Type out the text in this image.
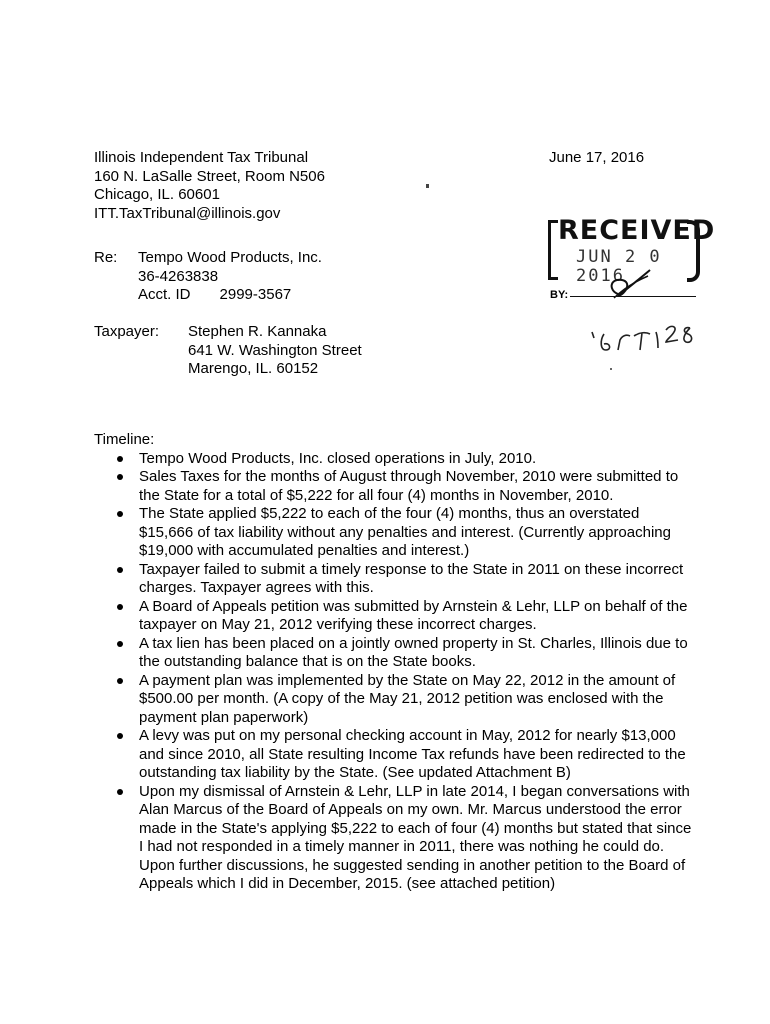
Illinois Independent Tax Tribunal
160 N. LaSalle Street, Room N506
Chicago, IL. 60601
ITT.TaxTribunal@illinois.gov
June 17, 2016
RECEIVED
JUN 2 0 2016
BY:
'16 TT 128
Re: Tempo Wood Products, Inc.
36-4263838
Acct. ID 2999-3567
Taxpayer: Stephen R. Kannaka
641 W. Washington Street
Marengo, IL. 60152
Timeline:
Tempo Wood Products, Inc. closed operations in July, 2010.
Sales Taxes for the months of August through November, 2010 were submitted to the State for a total of $5,222 for all four (4) months in November, 2010.
The State applied $5,222 to each of the four (4) months, thus an overstated $15,666 of tax liability without any penalties and interest. (Currently approaching $19,000 with accumulated penalties and interest.)
Taxpayer failed to submit a timely response to the State in 2011 on these incorrect charges. Taxpayer agrees with this.
A Board of Appeals petition was submitted by Arnstein & Lehr, LLP on behalf of the taxpayer on May 21, 2012 verifying these incorrect charges.
A tax lien has been placed on a jointly owned property in St. Charles, Illinois due to the outstanding balance that is on the State books.
A payment plan was implemented by the State on May 22, 2012 in the amount of $500.00 per month. (A copy of the May 21, 2012 petition was enclosed with the payment plan paperwork)
A levy was put on my personal checking account in May, 2012 for nearly $13,000 and since 2010, all State resulting Income Tax refunds have been redirected to the outstanding tax liability by the State. (See updated Attachment B)
Upon my dismissal of Arnstein & Lehr, LLP in late 2014, I began conversations with Alan Marcus of the Board of Appeals on my own. Mr. Marcus understood the error made in the State's applying $5,222 to each of four (4) months but stated that since I had not responded in a timely manner in 2011, there was nothing he could do. Upon further discussions, he suggested sending in another petition to the Board of Appeals which I did in December, 2015. (see attached petition)
